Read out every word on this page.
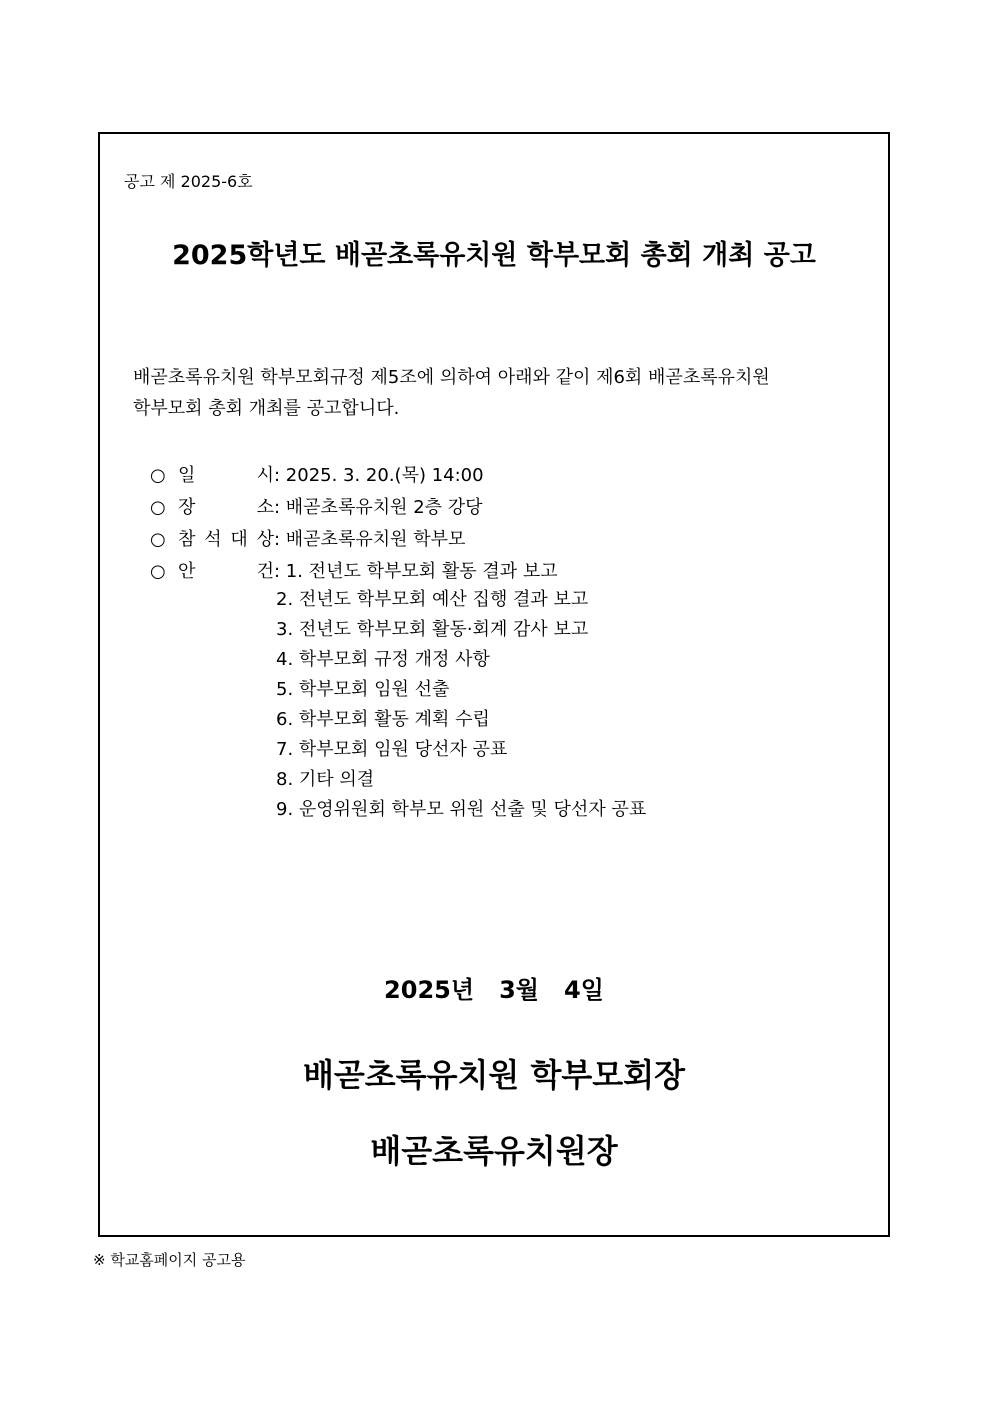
공고 제 2025-6호
2025학년도 배곧초록유치원 학부모회 총회 개최 공고
배곧초록유치원 학부모회규정 제5조에 의하여 아래와 같이 제6회 배곧초록유치원
학부모회 총회 개최를 공고합니다.
○ 일	시 : 2025. 3. 20.(목) 14:00
○ 장	소 : 배곧초록유치원 2층 강당
○ 참 석 대 상 : 배곧초록유치원 학부모
○ 안	건 : 1. 전년도 학부모회 활동 결과 보고
2. 전년도 학부모회 예산 집행 결과 보고
3. 전년도 학부모회 활동·회계 감사 보고
4. 학부모회 규정 개정 사항
5. 학부모회 임원 선출
6. 학부모회 활동 계획 수립
7. 학부모회 임원 당선자 공표
8. 기타 의결
9. 운영위원회 학부모 위원 선출 및 당선자 공표
2025년   3월   4일
배곧초록유치원 학부모회장
배곧초록유치원장
※ 학교홈페이지 공고용
